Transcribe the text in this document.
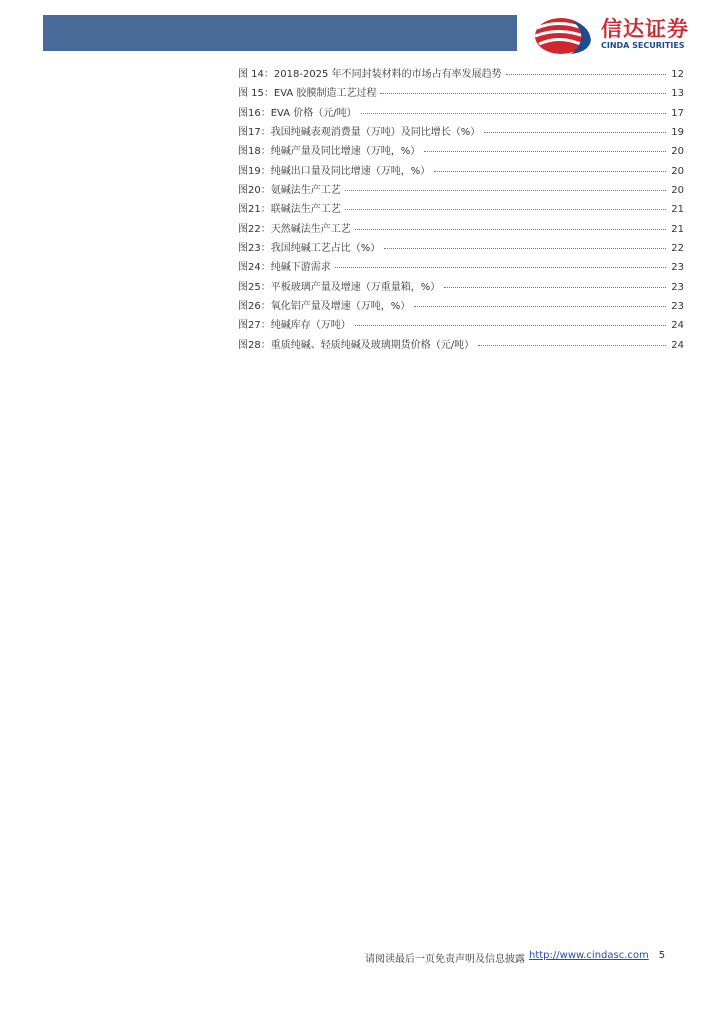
信达证券
CINDA SECURITIES
图 14：2018-2025 年不同封装材料的市场占有率发展趋势	12
图 15：EVA 胶膜制造工艺过程	13
图16：EVA 价格（元/吨）	17
图17：我国纯碱表观消费量（万吨）及同比增长（%）	19
图18：纯碱产量及同比增速（万吨，%）	20
图19：纯碱出口量及同比增速（万吨，%）	20
图20：氨碱法生产工艺	20
图21：联碱法生产工艺	21
图22：天然碱法生产工艺	21
图23：我国纯碱工艺占比（%）	22
图24：纯碱下游需求	23
图25：平板玻璃产量及增速（万重量箱，%）	23
图26：氧化铝产量及增速（万吨，%）	23
图27：纯碱库存（万吨）	24
图28：重质纯碱、轻质纯碱及玻璃期货价格（元/吨）	24
请阅读最后一页免责声明及信息披露 http://www.cindasc.com 5
